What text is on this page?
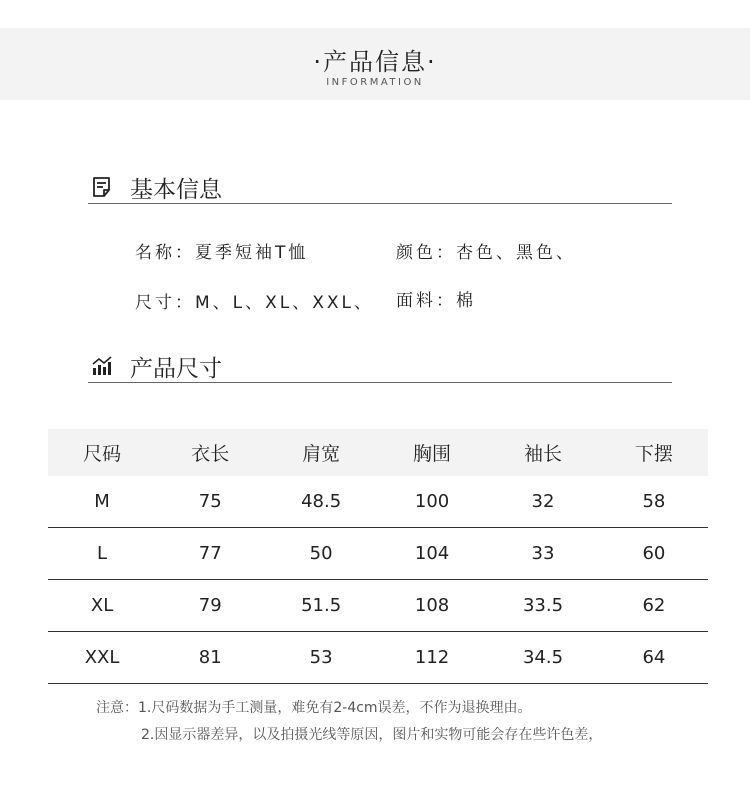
·产品信息·
INFORMATION
基本信息
名称：夏季短袖T恤	颜色：杏色、黑色、
尺寸：M、L、XL、XXL、 面料：棉
产品尺寸
尺码	衣长	肩宽	胸围	袖长	下摆
M	75	48.5	100	32	58
L	77	50	104	33	60
XL	79	51.5	108	33.5	62
XXL	81	53	112	34.5	64
注意：1.尺码数据为手工测量，难免有2-4cm误差，不作为退换理由。
2.因显示器差异，以及拍摄光线等原因，图片和实物可能会存在些许色差，
